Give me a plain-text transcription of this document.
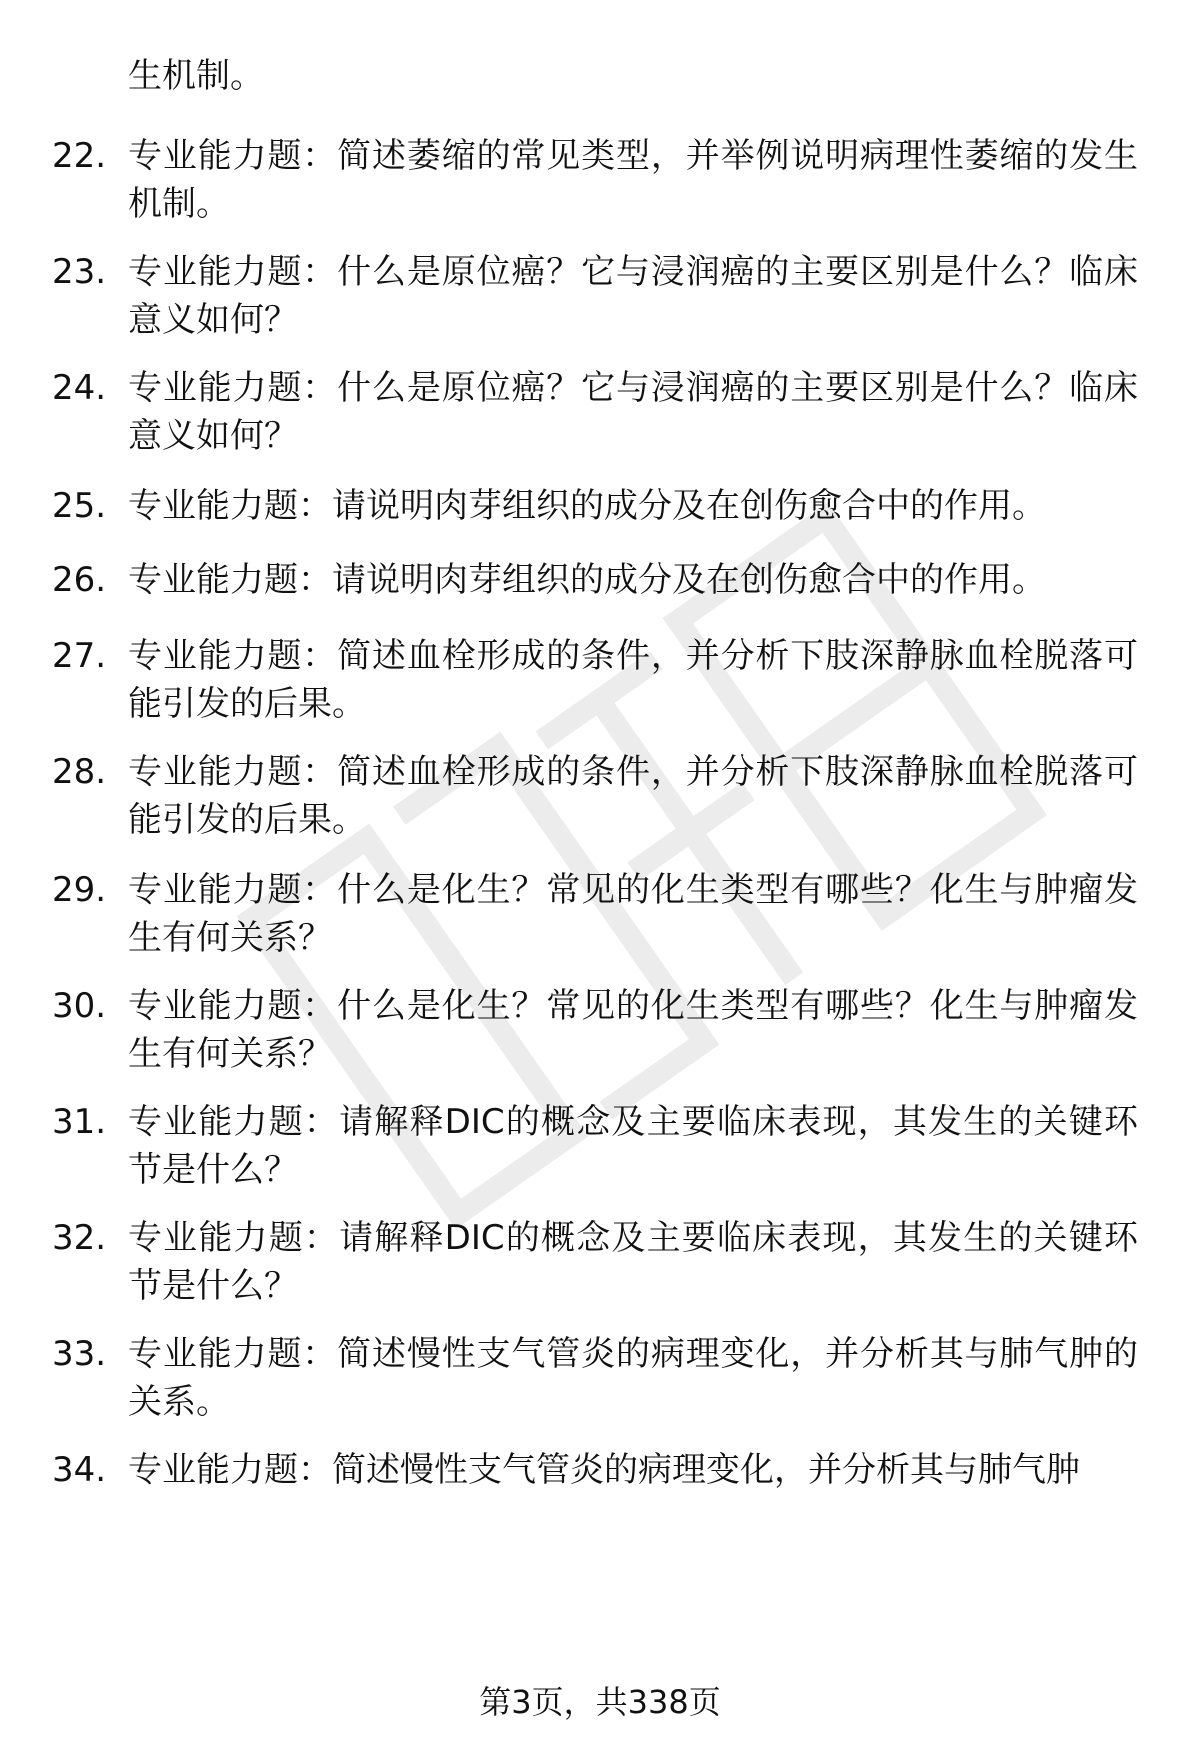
生机制。
22. 专业能力题：简述萎缩的常见类型，并举例说明病理性萎缩的发生机制。
23. 专业能力题：什么是原位癌？它与浸润癌的主要区别是什么？临床意义如何？
24. 专业能力题：什么是原位癌？它与浸润癌的主要区别是什么？临床意义如何？
25. 专业能力题：请说明肉芽组织的成分及在创伤愈合中的作用。
26. 专业能力题：请说明肉芽组织的成分及在创伤愈合中的作用。
27. 专业能力题：简述血栓形成的条件，并分析下肢深静脉血栓脱落可能引发的后果。
28. 专业能力题：简述血栓形成的条件，并分析下肢深静脉血栓脱落可能引发的后果。
29. 专业能力题：什么是化生？常见的化生类型有哪些？化生与肿瘤发生有何关系？
30. 专业能力题：什么是化生？常见的化生类型有哪些？化生与肿瘤发生有何关系？
31. 专业能力题：请解释DIC的概念及主要临床表现，其发生的关键环节是什么？
32. 专业能力题：请解释DIC的概念及主要临床表现，其发生的关键环节是什么？
33. 专业能力题：简述慢性支气管炎的病理变化，并分析其与肺气肿的关系。
34. 专业能力题：简述慢性支气管炎的病理变化，并分析其与肺气肿
第3页，共338页
